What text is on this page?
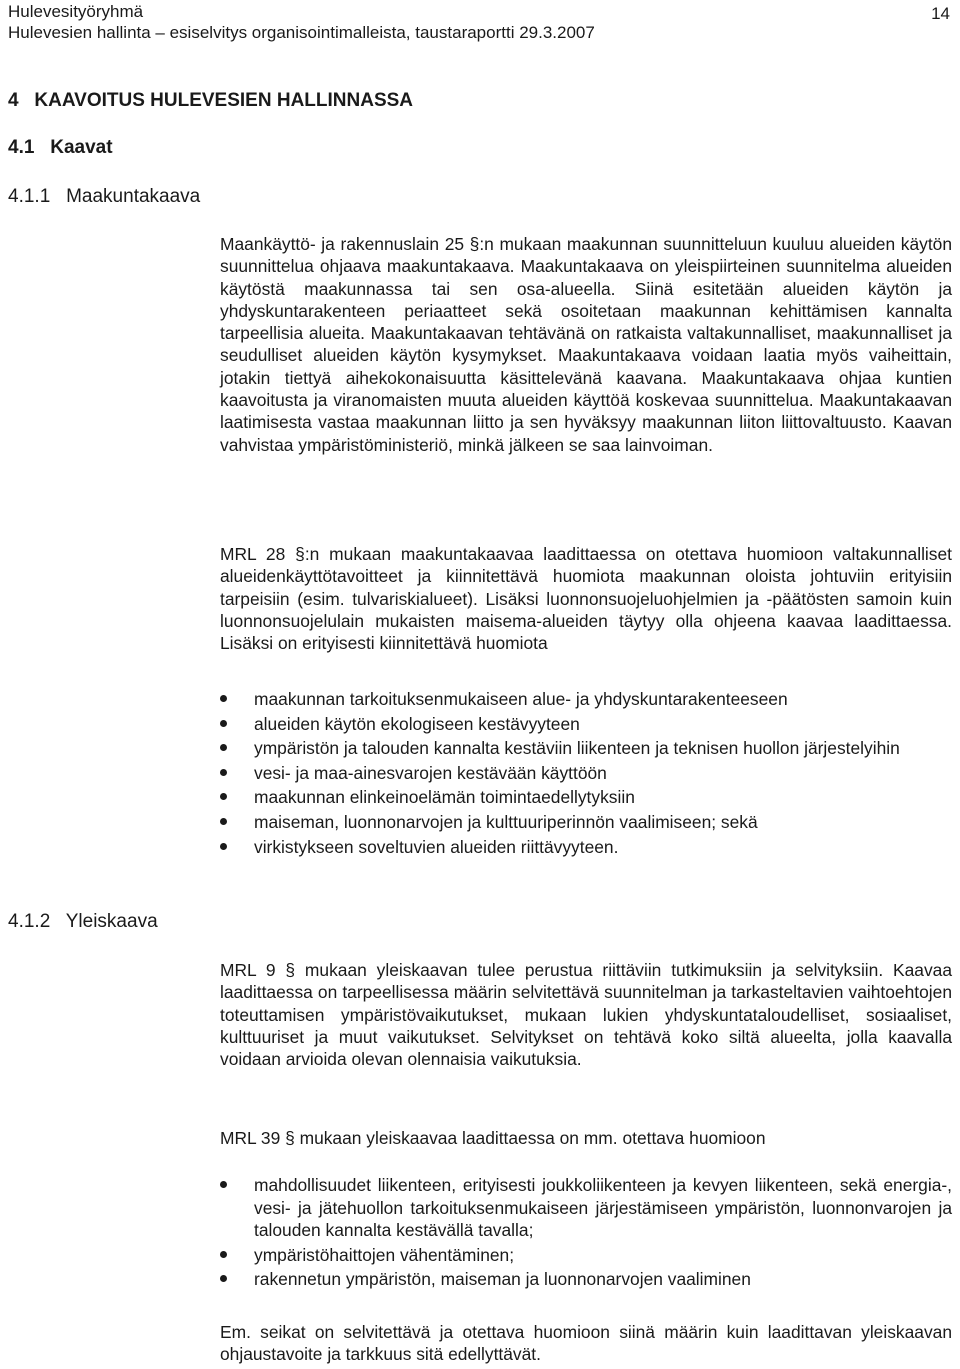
Hulevesityöryhmä	14
Hulevesien hallinta – esiselvitys organisointimalleista, taustaraportti 29.3.2007
4   KAAVOITUS HULEVESIEN HALLINNASSA
4.1   Kaavat
4.1.1   Maakuntakaava
4.1.2   Yleiskaava

Maankäyttö- ja rakennuslain 25 §:n mukaan maakunnan suunnitteluun kuuluu alueiden käytön suunnittelua ohjaava maakuntakaava. Maakuntakaava on yleispiirteinen suunnitelma alueiden käytöstä maakunnassa tai sen osa-alueella. Siinä esitetään alueiden käytön ja yhdyskuntarakenteen periaatteet sekä osoitetaan maakunnan kehittämisen kannalta tarpeellisia alueita. Maakuntakaavan tehtävänä on ratkaista valtakunnalliset, maakunnalliset ja seudulliset alueiden käytön kysymykset. Maakuntakaava voidaan laatia myös vaiheittain, jotakin tiettyä aihekokonaisuutta käsittelevänä kaavana. Maakuntakaava ohjaa kuntien kaavoitusta ja viranomaisten muuta alueiden käyttöä koskevaa suunnittelua. Maakuntakaavan laatimisesta vastaa maakunnan liitto ja sen hyväksyy maakunnan liiton liittovaltuusto. Kaavan vahvistaa ympäristöministeriö, minkä jälkeen se saa lainvoiman.

MRL 28 §:n mukaan maakuntakaavaa laadittaessa on otettava huomioon valtakunnalliset alueidenkäyttötavoitteet ja kiinnitettävä huomiota maakunnan oloista johtuviin erityisiin tarpeisiin (esim. tulvariskialueet). Lisäksi luonnonsuojeluohjelmien ja -päätösten samoin kuin luonnonsuojelulain mukaisten maisema-alueiden täytyy olla ohjeena kaavaa laadittaessa. Lisäksi on erityisesti kiinnitettävä huomiota

maakunnan tarkoituksenmukaiseen alue- ja yhdyskuntarakenteeseen
alueiden käytön ekologiseen kestävyyteen
ympäristön ja talouden kannalta kestäviin liikenteen ja teknisen huollon järjestelyihin
vesi- ja maa-ainesvarojen kestävään käyttöön
maakunnan elinkeinoelämän toimintaedellytyksiin
maiseman, luonnonarvojen ja kulttuuriperinnön vaalimiseen; sekä
virkistykseen soveltuvien alueiden riittävyyteen.

MRL 9 § mukaan yleiskaavan tulee perustua riittäviin tutkimuksiin ja selvityksiin. Kaavaa laadittaessa on tarpeellisessa määrin selvitettävä suunnitelman ja tarkasteltavien vaihtoehtojen toteuttamisen ympäristövaikutukset, mukaan lukien yhdyskuntataloudelliset, sosiaaliset, kulttuuriset ja muut vaikutukset. Selvitykset on tehtävä koko siltä alueelta, jolla kaavalla voidaan arvioida olevan olennaisia vaikutuksia.

MRL 39 § mukaan yleiskaavaa laadittaessa on mm. otettava huomioon

mahdollisuudet liikenteen, erityisesti joukkoliikenteen ja kevyen liikenteen, sekä energia-, vesi- ja jätehuollon tarkoituksenmukaiseen järjestämiseen ympäristön, luonnonvarojen ja talouden kannalta kestävällä tavalla;
ympäristöhaittojen vähentäminen;
rakennetun ympäristön, maiseman ja luonnonarvojen vaaliminen

Em. seikat on selvitettävä ja otettava huomioon siinä määrin kuin laadittavan yleiskaavan ohjaustavoite ja tarkkuus sitä edellyttävät.
